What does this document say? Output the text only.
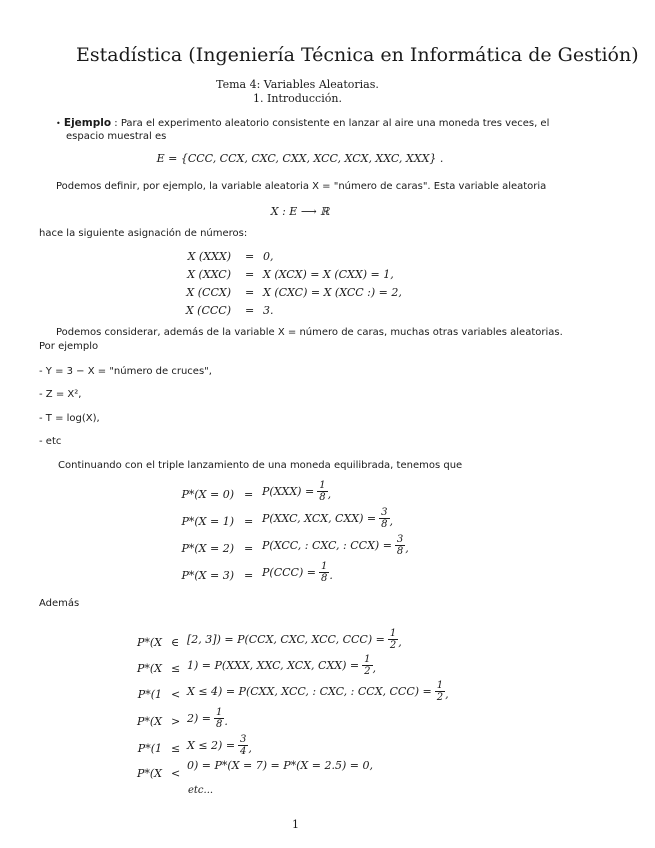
Estadística (Ingeniería Técnica en Informática de Gestión)
Tema 4: Variables Aleatorias.
1. Introducción.
• Ejemplo : Para el experimento aleatorio consistente en lanzar al aire una moneda tres veces, el
espacio muestral es
E = {CCC, CCX, CXC, CXX, XCC, XCX, XXC, XXX} .
Podemos definir, por ejemplo, la variable aleatoria X = "número de caras". Esta variable aleatoria
X : E ⟶ ℝ
hace la siguiente asignación de números:
X (XXX) = 0,
X (XXC) = X (XCX) = X (CXX) = 1,
X (CCX) = X (CXC) = X (XCC :) = 2,
X (CCC) = 3.
Podemos considerar, además de la variable X = número de caras, muchas otras variables aleatorias.
Por ejemplo
- Y = 3 − X = "número de cruces",
- Z = X²,
- T = log(X),
- etc
Continuando con el triple lanzamiento de una moneda equilibrada, tenemos que
$P*(X = 0) = P(XXX) = \frac{1}{8}$ ,
P*(X = 1) = P(XXC, XCX, $CXX) = \frac{3}{8}$ ,
P*(X = 2) = P(XCC, : CXC, : $CCX) = \frac{3}{8}$ ,
$P*(X = 3) = P(CCC) = \frac{1}{8}$ .
Además
P*(X ∈ [2, 3]) = P(CCX, CXC, XCC, $CCC) = \frac{1}{2}$ ,
P*(X ≤ 1) = P(XXX, XXC, XCX, $CXX) = \frac{1}{2}$ ,
P*(1 < X ≤ 4) = P(CXX, XCC, : CXC, : CCX, $CCC) = \frac{1}{2}$ ,
$P*(X > 2) = \frac{1}{8}$ .
$P*(1 \le X \le 2) = \frac{3}{4}$ ,
P*(X <
0) = P*(X = 7) = P*(X = 2.5) = 0,
etc...
1
